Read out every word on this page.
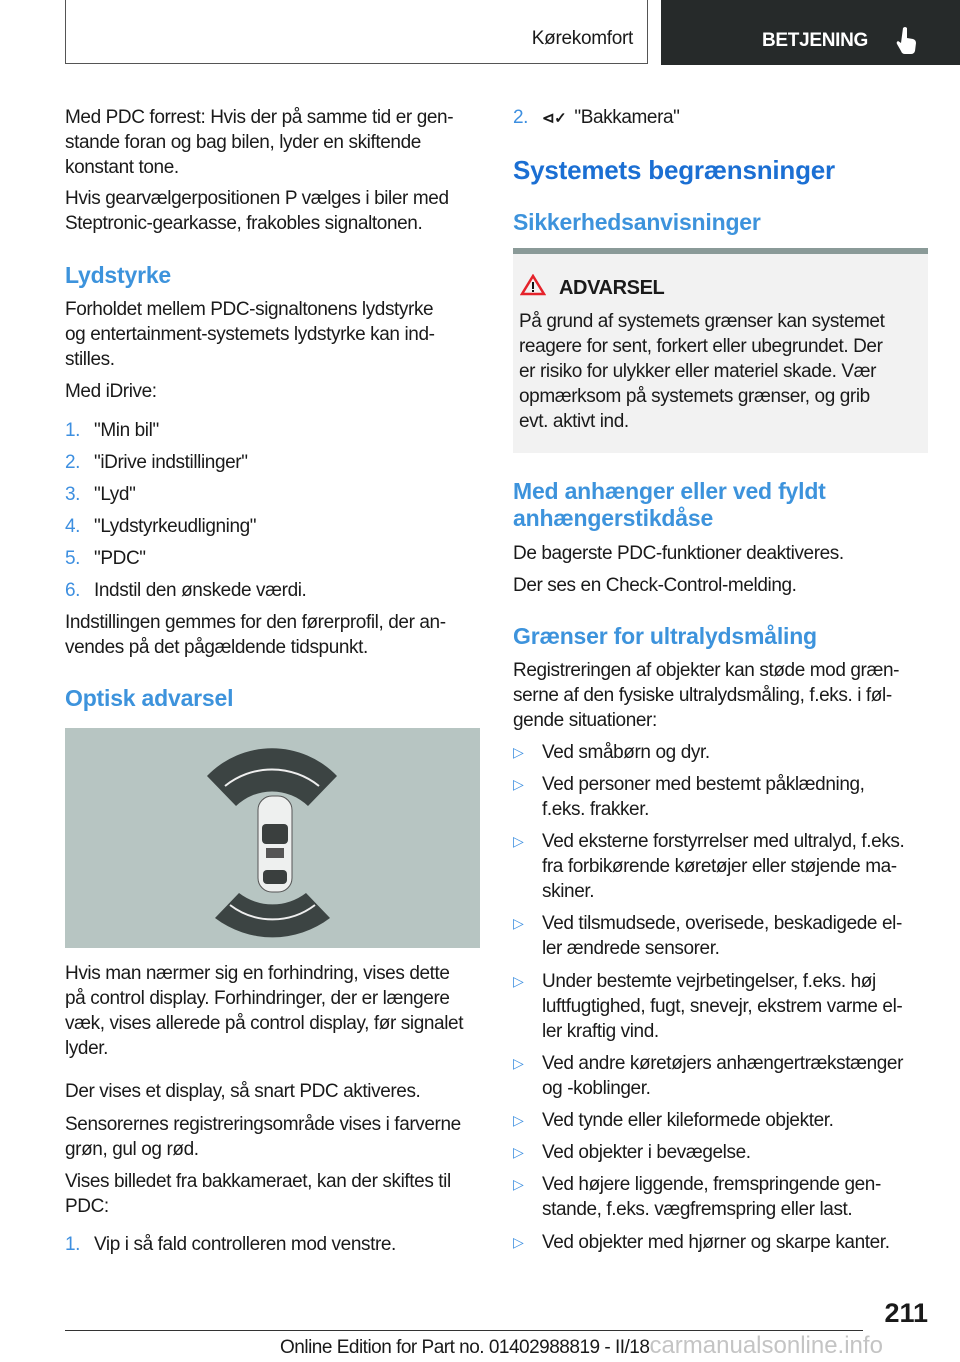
Kørekomfort	BETJENING
Med PDC forrest: Hvis der på samme tid er gen-
stande foran og bag bilen, lyder en skiftende
konstant tone.
Hvis gearvælgerpositionen P vælges i biler med
Steptronic-gearkasse, frakobles signaltonen.
Lydstyrke
Forholdet mellem PDC-signaltonens lydstyrke
og entertainment-systemets lydstyrke kan ind-
stilles.
Med iDrive:
1. "Min bil"
2. "iDrive indstillinger"
3. "Lyd"
4. "Lydstyrkeudligning"
5. "PDC"
6. Indstil den ønskede værdi.
Indstillingen gemmes for den førerprofil, der an-
vendes på det pågældende tidspunkt.
Optisk advarsel
Hvis man nærmer sig en forhindring, vises dette
på control display. Forhindringer, der er længere
væk, vises allerede på control display, før signalet
lyder.
Der vises et display, så snart PDC aktiveres.
Sensorernes registreringsområde vises i farverne
grøn, gul og rød.
Vises billedet fra bakkameraet, kan der skiftes til
PDC:
1. Vip i så fald controlleren mod venstre.
2. ⊲✓ "Bakkamera"
Systemets begrænsninger
Sikkerhedsanvisninger
ADVARSEL
På grund af systemets grænser kan systemet
reagere for sent, forkert eller ubegrundet. Der
er risiko for ulykker eller materiel skade. Vær
opmærksom på systemets grænser, og grib
evt. aktivt ind.
Med anhænger eller ved fyldt
anhængerstikdåse
De bagerste PDC-funktioner deaktiveres.
Der ses en Check-Control-melding.
Grænser for ultralydsmåling
Registreringen af objekter kan støde mod græn-
serne af den fysiske ultralydsmåling, f.eks. i føl-
gende situationer:
▷ Ved småbørn og dyr.
▷ Ved personer med bestemt påklædning,
f.eks. frakker.
▷ Ved eksterne forstyrrelser med ultralyd, f.eks.
fra forbikørende køretøjer eller støjende ma-
skiner.
▷ Ved tilsmudsede, overisede, beskadigede el-
ler ændrede sensorer.
▷ Under bestemte vejrbetingelser, f.eks. høj
luftfugtighed, fugt, snevejr, ekstrem varme el-
ler kraftig vind.
▷ Ved andre køretøjers anhængertrækstænger
og -koblinger.
▷ Ved tynde eller kileformede objekter.
▷ Ved objekter i bevægelse.
▷ Ved højere liggende, fremspringende gen-
stande, f.eks. vægfremspring eller last.
▷ Ved objekter med hjørner og skarpe kanter.
211
Online Edition for Part no. 01402988819 - II/18carmanualsonline.info
